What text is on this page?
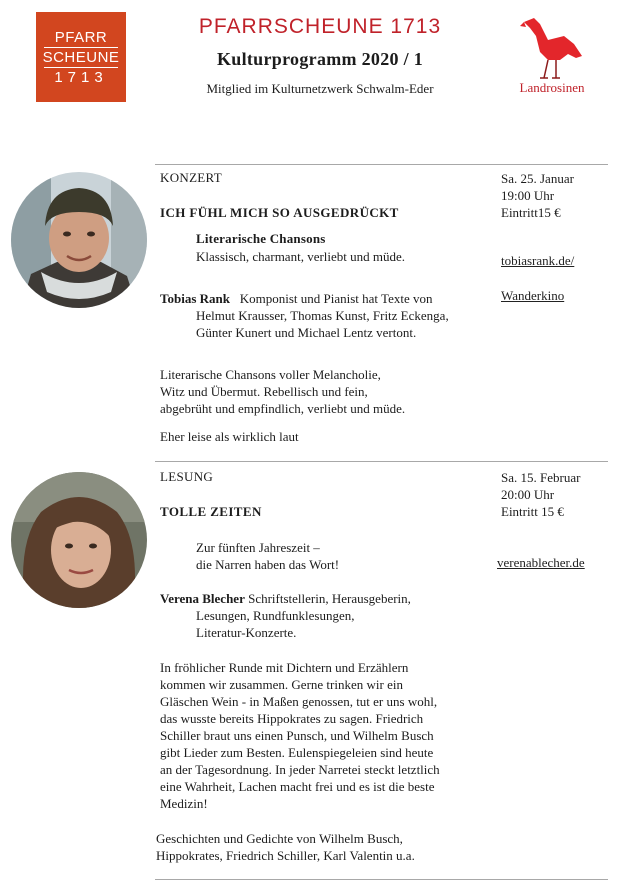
PFARR
SCHEUNE
1713
PFARRSCHEUNE 1713
Kulturprogramm 2020 / 1
Mitglied im Kulturnetzwerk Schwalm-Eder	Landrosinen
KONZERT
ICH FÜHL MICH SO AUSGEDRÜCKT
Sa. 25. Januar
19:00 Uhr
Eintritt15 €
Literarische Chansons
Klassisch, charmant, verliebt und müde.	tobiasrank.de/
Wanderkino

Tobias Rank Komponist und Pianist hat Texte von

Helmut Krausser, Thomas Kunst, Fritz Eckenga,

Günter Kunert und Michael Lentz vertont.

Literarische Chansons voller Melancholie,

Witz und Übermut. Rebellisch und fein,

abgebrüht und empfindlich, verliebt und müde.

Eher leise als wirklich laut
LESUNG
TOLLE ZEITEN
Sa. 15. Februar
20:00 Uhr
Eintritt 15 €

Zur fünften Jahreszeit –

die Narren haben das Wort!	verenablecher.de

Verena Blecher Schriftstellerin, Herausgeberin,

Lesungen, Rundfunklesungen,

Literatur-Konzerte.

In fröhlicher Runde mit Dichtern und Erzählern

kommen wir zusammen. Gerne trinken wir ein

Gläschen Wein - in Maßen genossen, tut er uns wohl,

das wusste bereits Hippokrates zu sagen. Friedrich

Schiller braut uns einen Punsch, und Wilhelm Busch

gibt Lieder zum Besten. Eulenspiegeleien sind heute

an der Tagesordnung. In jeder Narretei steckt letztlich

eine Wahrheit, Lachen macht frei und es ist die beste

Medizin!

Geschichten und Gedichte von Wilhelm Busch,

Hippokrates, Friedrich Schiller, Karl Valentin u.a.
